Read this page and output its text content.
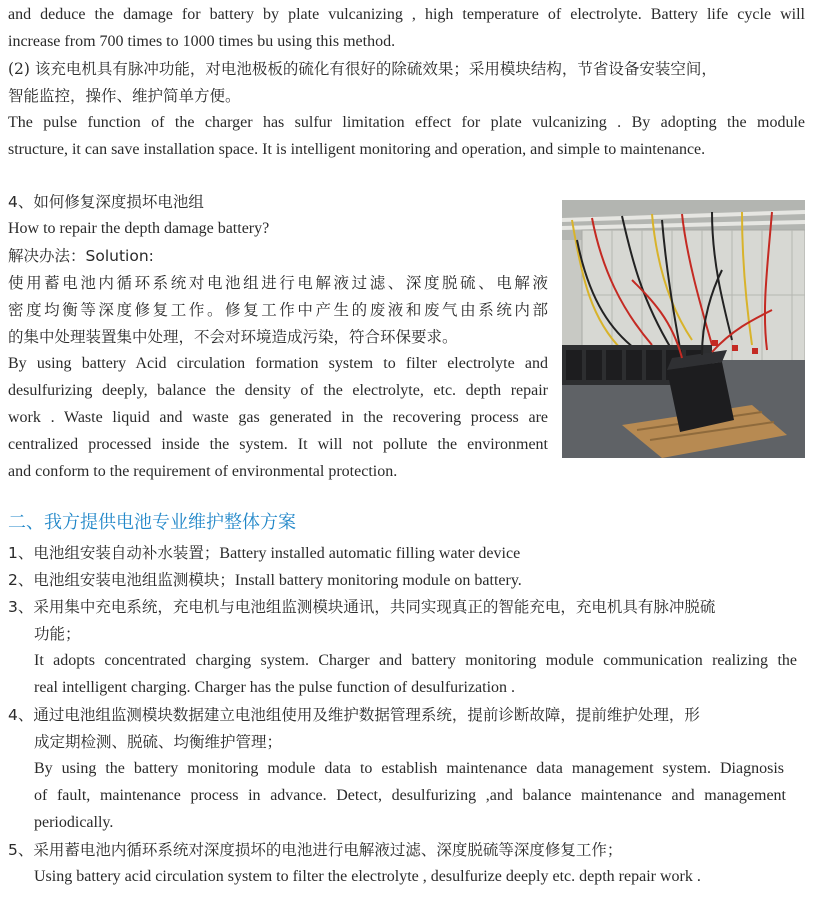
and deduce the damage for battery by plate vulcanizing , high temperature of electrolyte. Battery life cycle will
increase from 700 times to 1000 times bu using this method.
(2) 该充电机具有脉冲功能，对电池极板的硫化有很好的除硫效果；采用模块结构，节省设备安装空间，
智能监控，操作、维护简单方便。
The pulse function of the charger has sulfur limitation effect for plate vulcanizing . By adopting the module
structure, it can save installation space. It is intelligent monitoring and operation, and simple to maintenance.
4、如何修复深度损坏电池组
How to repair the depth damage battery?
解决办法：Solution:
使用蓄电池内循环系统对电池组进行电解液过滤、深度脱硫、电解液
密度均衡等深度修复工作。修复工作中产生的废液和废气由系统内部
的集中处理装置集中处理，不会对环境造成污染，符合环保要求。
By using battery Acid circulation formation system to filter electrolyte and
desulfurizing deeply, balance the density of the electrolyte, etc. depth repair
work . Waste liquid and waste gas generated in the recovering process are
centralized processed inside the system. It will not pollute the environment
and conform to the requirement of environmental protection.
二、我方提供电池专业维护整体方案
1、电池组安装自动补水装置；Battery installed automatic filling water device
2、电池组安装电池组监测模块；Install battery monitoring module on battery.
3、采用集中充电系统，充电机与电池组监测模块通讯，共同实现真正的智能充电，充电机具有脉冲脱硫
功能；
It adopts concentrated charging system. Charger and battery monitoring module communication realizing the
real intelligent charging. Charger has the pulse function of desulfurization .
4、通过电池组监测模块数据建立电池组使用及维护数据管理系统，提前诊断故障，提前维护处理，形
成定期检测、脱硫、均衡维护管理；
By using the battery monitoring module data to establish maintenance data management system. Diagnosis
of fault, maintenance process in advance. Detect, desulfurizing ,and balance maintenance and management
periodically.
5、采用蓄电池内循环系统对深度损坏的电池进行电解液过滤、深度脱硫等深度修复工作；
Using battery acid circulation system to filter the electrolyte , desulfurize deeply etc. depth repair work .
